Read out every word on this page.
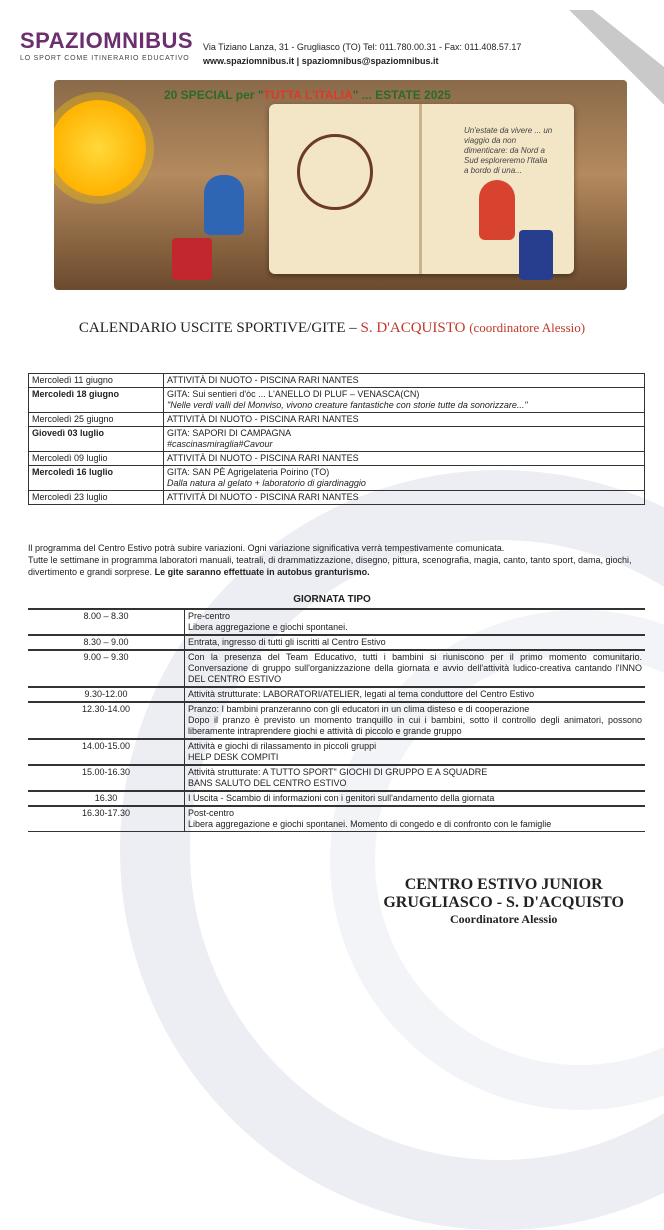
SPAZIOMNIBUS
LO SPORT COME ITINERARIO EDUCATIVO
Via Tiziano Lanza, 31 - Grugliasco (TO) Tel: 011.780.00.31 - Fax: 011.408.57.17
www.spaziomnibus.it | spaziomnibus@spaziomnibus.it
20 SPECIAL per "TUTTA L'ITALIA" ... ESTATE 2025
Un'estate da vivere ... un viaggio da non dimenticare: da Nord a Sud esploreremo l'Italia a bordo di una...
CALENDARIO USCITE SPORTIVE/GITE – S. D'ACQUISTO (coordinatore Alessio)
Mercoledì 11 giugno	ATTIVITÀ DI NUOTO - PISCINA RARI NANTES

Mercoledì 18 giugno	GITA: Sui sentieri d'òc ... L'ANELLO DI PLUF – VENASCA(CN)
"Nelle verdi valli del Monviso, vivono creature fantastiche con storie tutte da sonorizzare..."

Mercoledì 25 giugno	ATTIVITÀ DI NUOTO - PISCINA RARI NANTES

Giovedì 03 luglio	GITA: SAPORI DI CAMPAGNA
#cascinasmiraglia#Cavour

Mercoledì 09 luglio	ATTIVITÀ DI NUOTO - PISCINA RARI NANTES

Mercoledì 16 luglio	GITA: SAN PÈ Agrigelateria Poirino (TO)
Dalla natura al gelato + laboratorio di giardinaggio

Mercoledì 23 luglio	ATTIVITÀ DI NUOTO - PISCINA RARI NANTES
Il programma del Centro Estivo potrà subire variazioni. Ogni variazione significativa verrà tempestivamente comunicata.
Tutte le settimane in programma laboratori manuali, teatrali, di drammatizzazione, disegno, pittura, scenografia, magia, canto, tanto sport, dama, giochi, divertimento e grandi sorprese. Le gite saranno effettuate in autobus granturismo.
GIORNATA TIPO
8.00 – 8.30	Pre-centro
Libera aggregazione e giochi spontanei.
8.30 – 9.00	Entrata, ingresso di tutti gli iscritti al Centro Estivo
9.00 – 9.30	Con la presenza del Team Educativo, tutti i bambini si riuniscono per il primo momento comunitario. Conversazione di gruppo sull'organizzazione della giornata e avvio dell'attività ludico-creativa cantando l'INNO DEL CENTRO ESTIVO
9.30-12.00	Attività strutturate: LABORATORI/ATELIER, legati al tema conduttore del Centro Estivo
12.30-14.00	Pranzo: I bambini pranzeranno con gli educatori in un clima disteso e di cooperazione
Dopo il pranzo è previsto un momento tranquillo in cui i bambini, sotto il controllo degli animatori, possono liberamente intraprendere giochi e attività di piccolo e grande gruppo
14.00-15.00	Attività e giochi di rilassamento in piccoli gruppi
HELP DESK COMPITI
15.00-16.30	Attività strutturate: A TUTTO SPORT" GIOCHI DI GRUPPO E A SQUADRE
BANS SALUTO DEL CENTRO ESTIVO
16.30	I Uscita - Scambio di informazioni con i genitori sull'andamento della giornata
16.30-17.30	Post-centro
Libera aggregazione e giochi spontanei. Momento di congedo e di confronto con le famiglie
CENTRO ESTIVO JUNIOR
GRUGLIASCO - S. D'ACQUISTO
Coordinatore Alessio
